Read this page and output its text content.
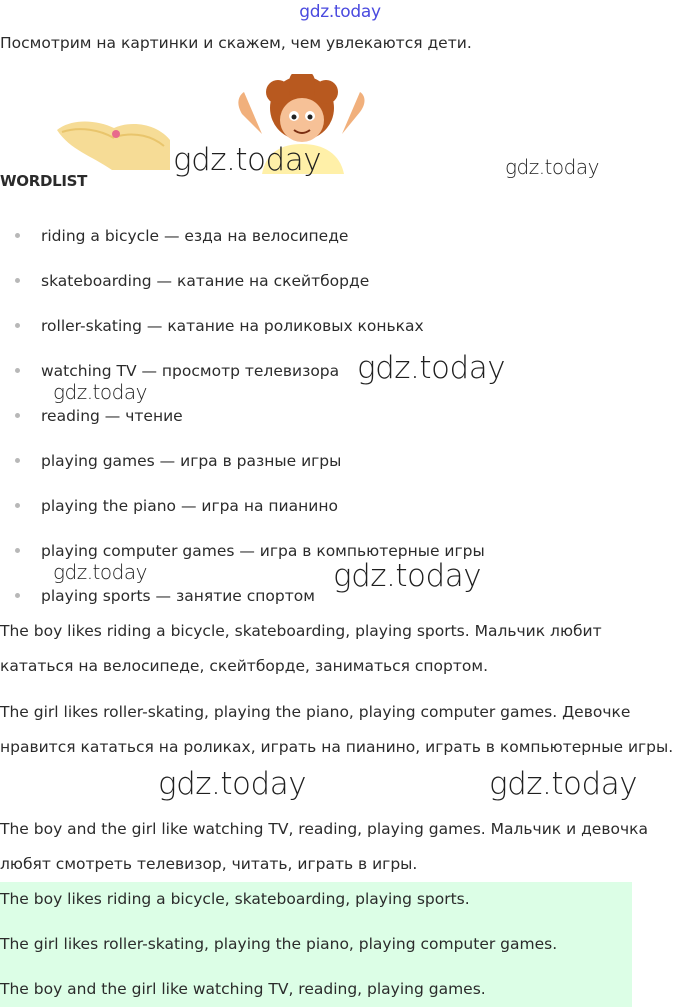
gdz.today
Посмотрим на картинки и скажем, чем увлекаются дети.
WORDLIST
riding a bicycle — езда на велосипеде
skateboarding — катание на скейтборде
roller-skating — катание на роликовых коньках
watching TV — просмотр телевизора
reading — чтение
playing games — игра в разные игры
playing the piano — игра на пианино
playing computer games — игра в компьютерные игры
playing sports — занятие спортом
The boy likes riding a bicycle, skateboarding, playing sports. Мальчик любит кататься на велосипеде, скейтборде, заниматься спортом.
The girl likes roller-skating, playing the piano, playing computer games. Девочке нравится кататься на роликах, играть на пианино, играть в компьютерные игры.
The boy and the girl like watching TV, reading, playing games. Мальчик и девочка любят смотреть телевизор, читать, играть в игры.
The boy likes riding a bicycle, skateboarding, playing sports.
The girl likes roller-skating, playing the piano, playing computer games.
The boy and the girl like watching TV, reading, playing games.
gdz.today	gdz.today
gdz.today
gdz.today
gdz.today	gdz.today
gdz.today	gdz.today
